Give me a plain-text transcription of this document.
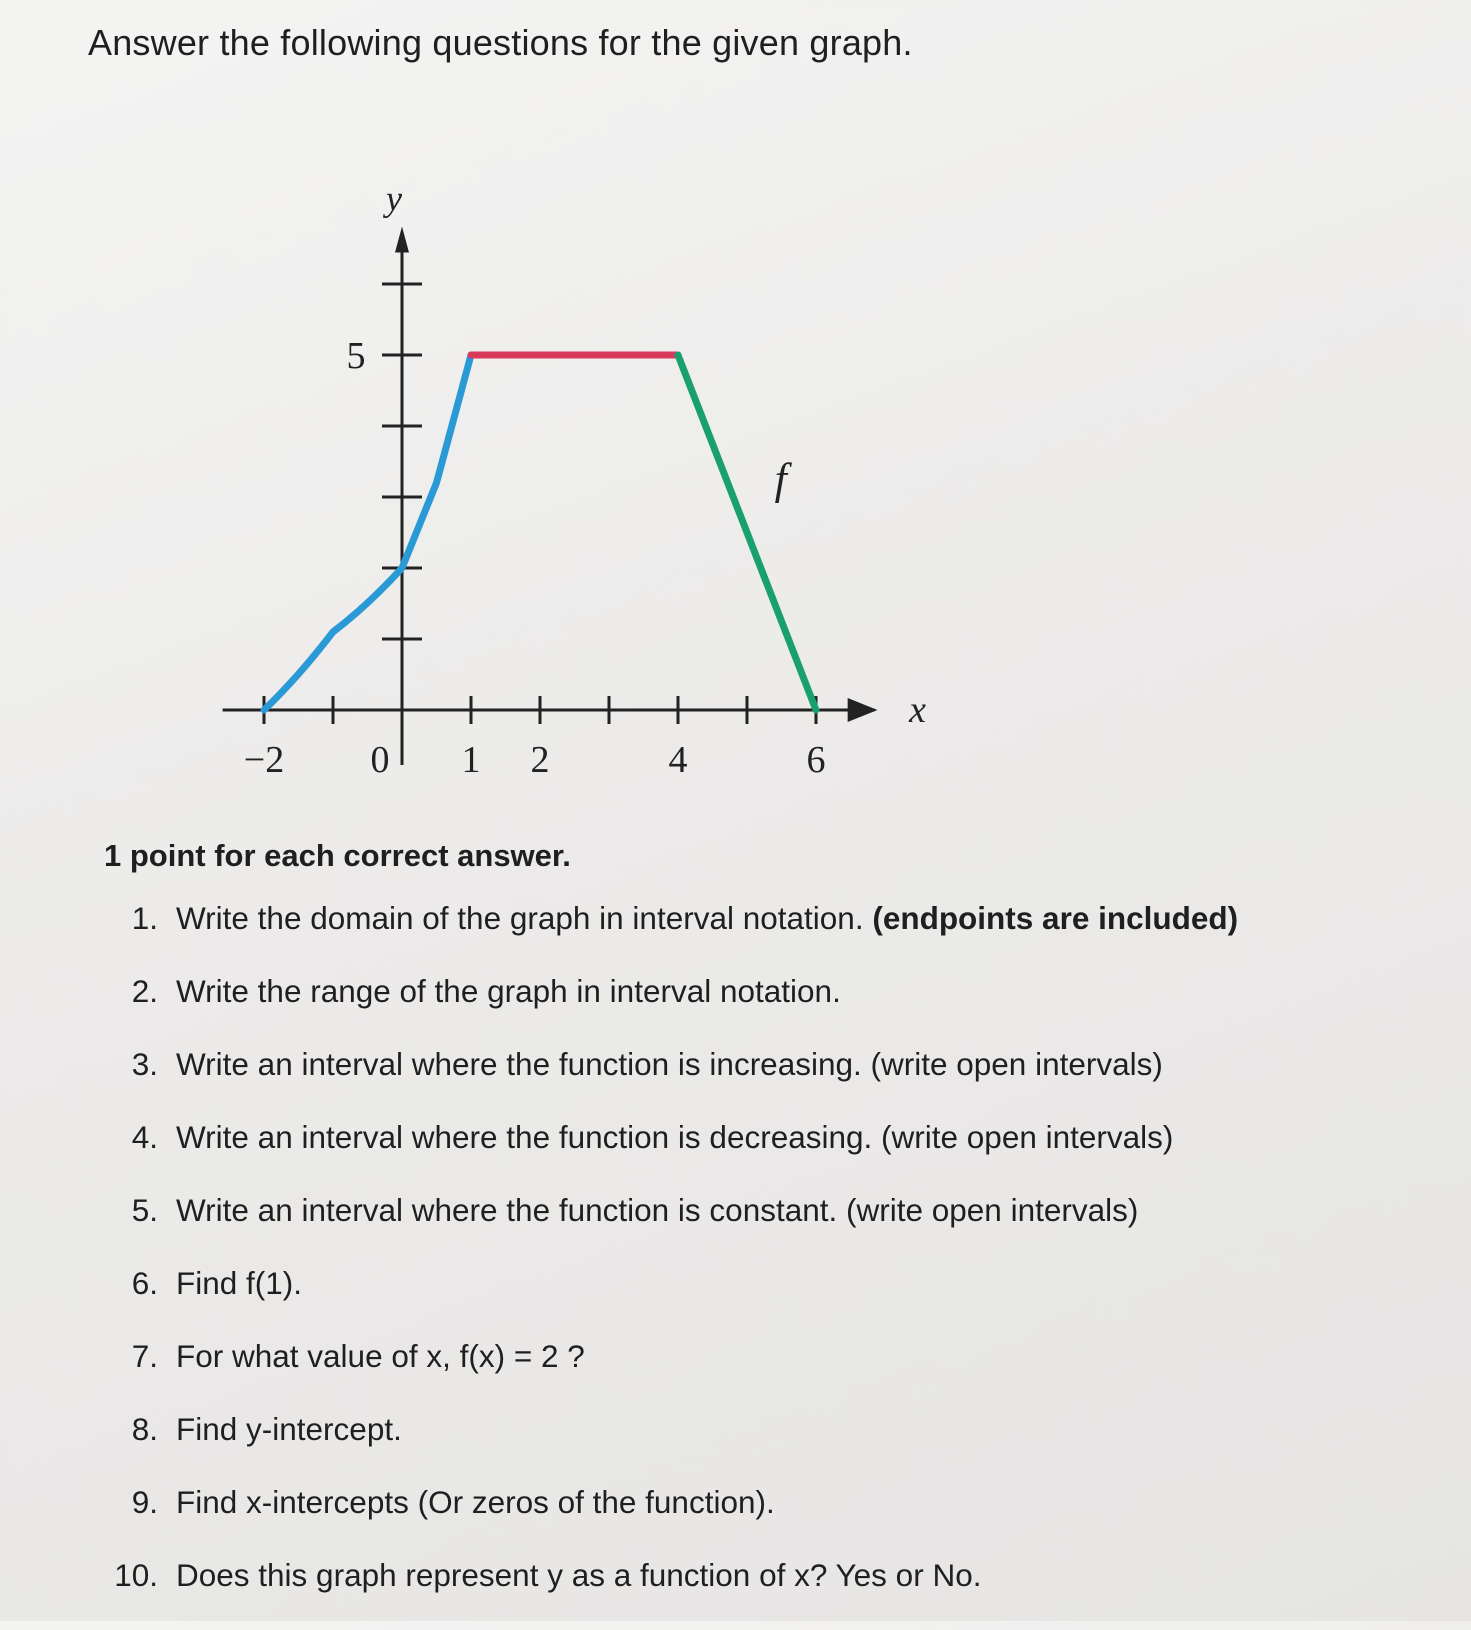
Answer the following questions for the given graph.
−2 0 1 2	4	6
5
x
y
f
1 point for each correct answer.
1. Write the domain of the graph in interval notation. (endpoints are included)
2. Write the range of the graph in interval notation.
3. Write an interval where the function is increasing. (write open intervals)
4. Write an interval where the function is decreasing. (write open intervals)
5. Write an interval where the function is constant. (write open intervals)
6. Find f(1).
7. For what value of x, f(x) = 2 ?
8. Find y-intercept.
9. Find x-intercepts (Or zeros of the function).
10. Does this graph represent y as a function of x? Yes or No.
